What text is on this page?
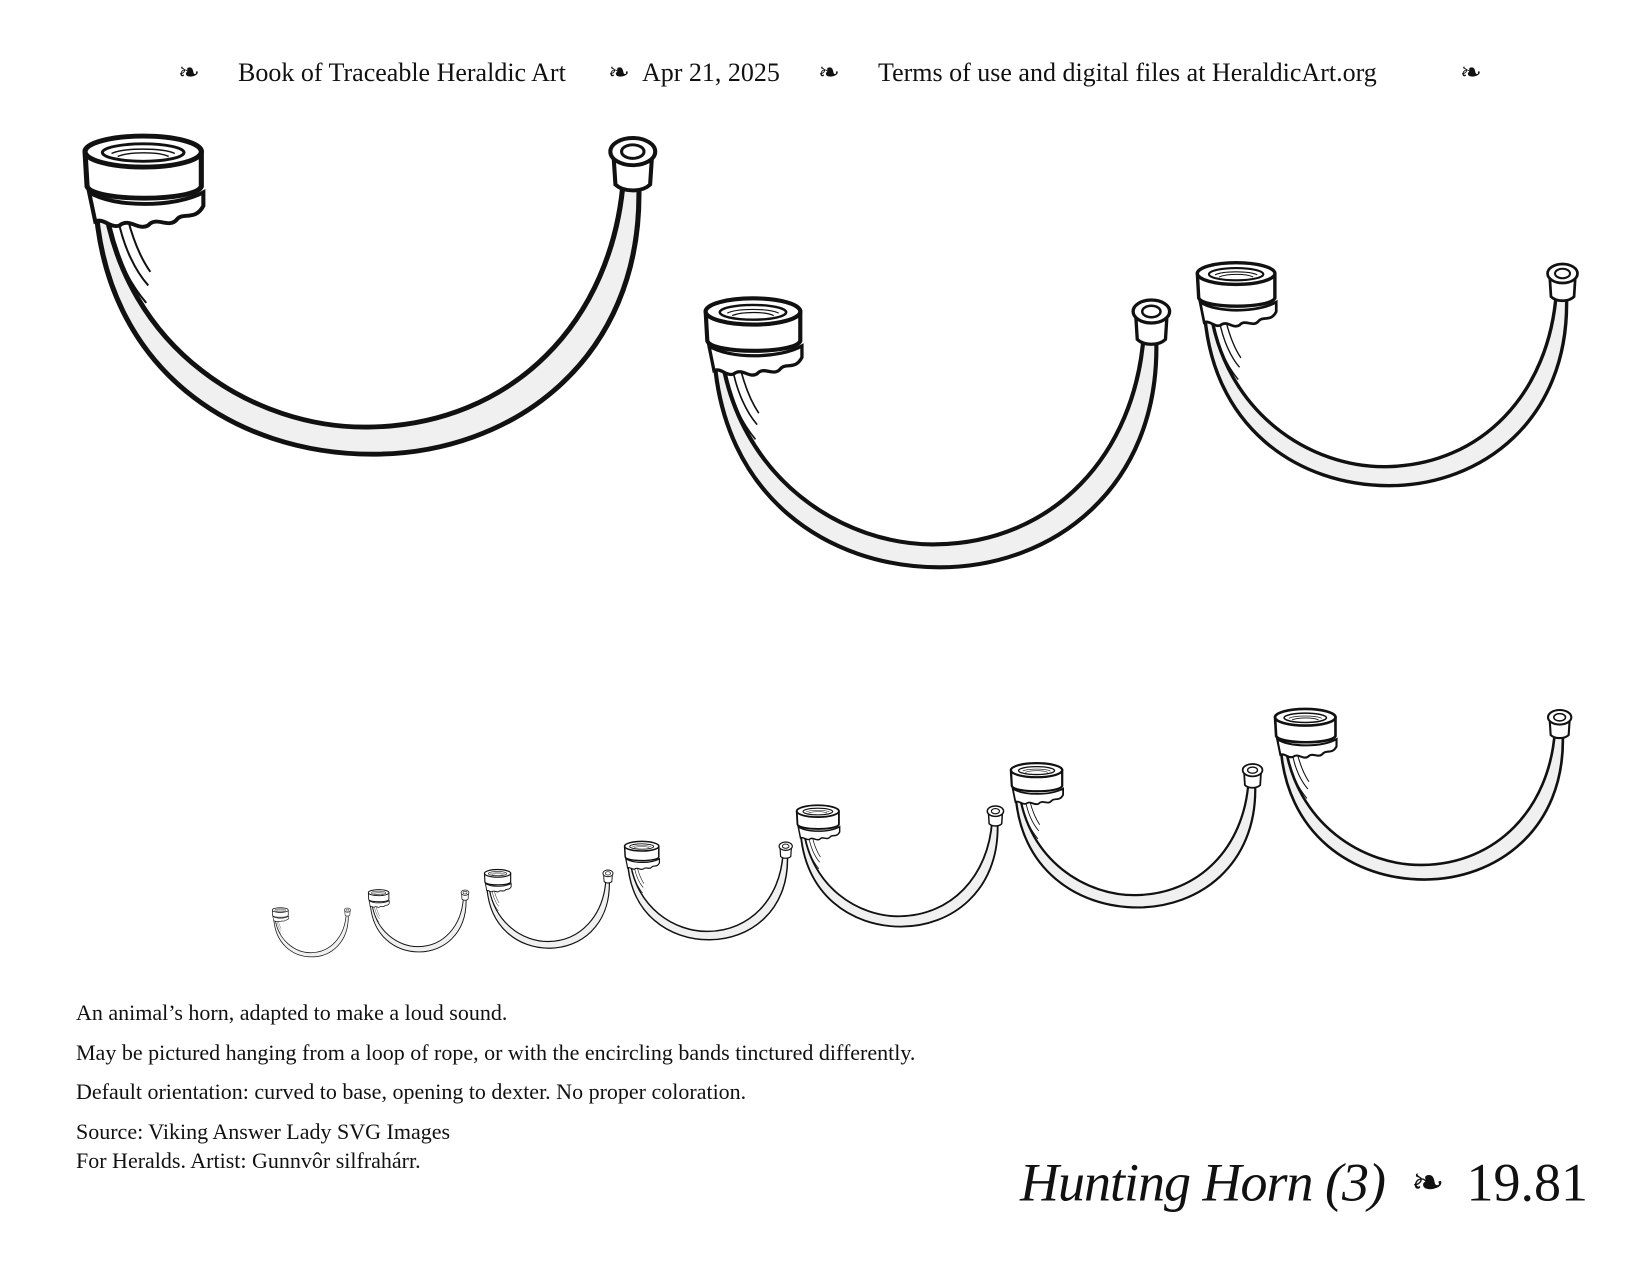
❧ Book of Traceable Heraldic Art ❧ Apr 21, 2025 ❧ Terms of use and digital files at HeraldicArt.org	❧
An animal’s horn, adapted to make a loud sound.
May be pictured hanging from a loop of rope, or with the encircling bands tinctured differently.
Default orientation: curved to base, opening to dexter. No proper coloration.
Source: Viking Answer Lady SVG Images
For Heralds. Artist: Gunnvôr silfrahárr.	Hunting Horn (3) ❧ 19.81
